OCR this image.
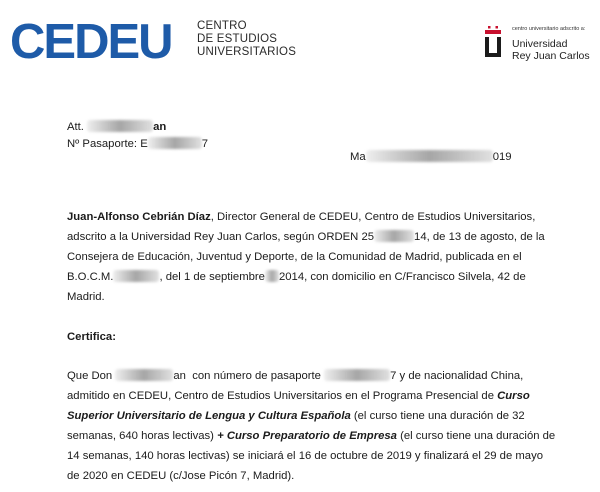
CEDEU CENTRO
DE ESTUDIOS
UNIVERSITARIOS
centro universitario adscrito a:
Universidad
Rey Juan Carlos
Att.	an
Nº Pasaporte: E	7
Ma	019
Juan-Alfonso Cebrián Díaz, Director General de CEDEU, Centro de Estudios Universitarios,
adscrito a la Universidad Rey Juan Carlos, según ORDEN 25	14, de 13 de agosto, de la
Consejera de Educación, Juventud y Deporte, de la Comunidad de Madrid, publicada en el
B.O.C.M.	, del 1 de septiembre 2014, con domicilio en C/Francisco Silvela, 42 de
Madrid.
Certifica:
Que Don	an con número de pasaporte	7 y de nacionalidad China,
admitido en CEDEU, Centro de Estudios Universitarios en el Programa Presencial de Curso
Superior Universitario de Lengua y Cultura Española (el curso tiene una duración de 32
semanas, 640 horas lectivas) + Curso Preparatorio de Empresa (el curso tiene una duración de
14 semanas, 140 horas lectivas) se iniciará el 16 de octubre de 2019 y finalizará el 29 de mayo
de 2020 en CEDEU (c/Jose Picón 7, Madrid).
